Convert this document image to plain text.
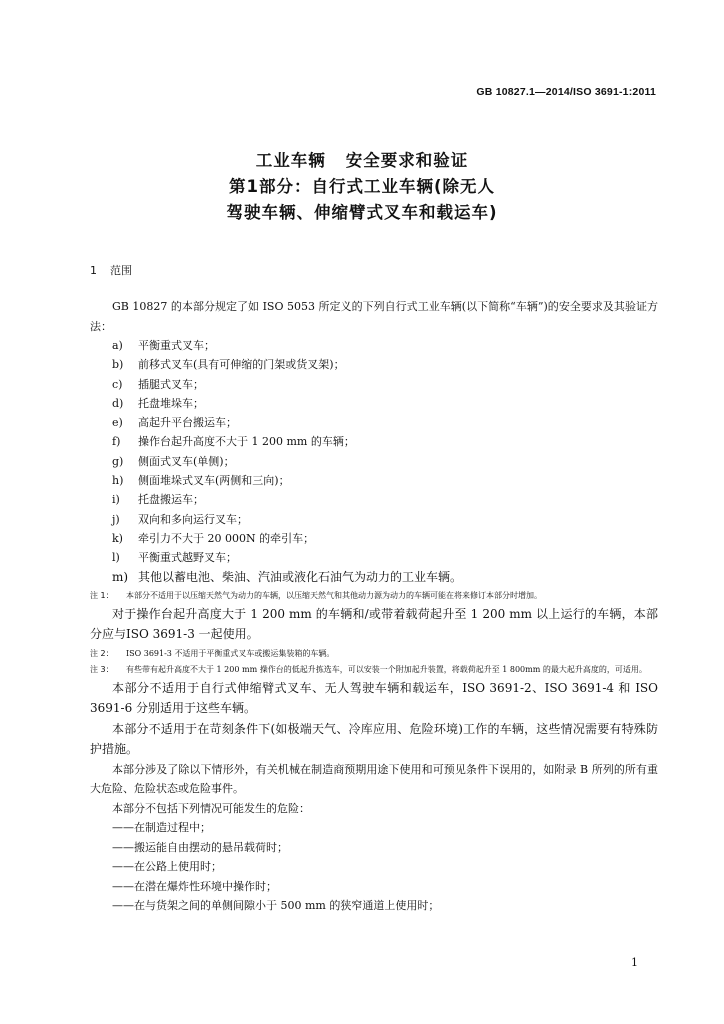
GB 10827.1—2014/ISO 3691-1:2011
工业车辆 安全要求和验证
第1部分：自行式工业车辆(除无人
驾驶车辆、伸缩臂式叉车和载运车)
1 范围

GB 10827 的本部分规定了如 ISO 5053 所定义的下列自行式工业车辆(以下简称“车辆”)的安全要求及其验证方法：

a)	平衡重式叉车；
b)	前移式叉车(具有可伸缩的门架或货叉架)；
c)	插腿式叉车；
d)	托盘堆垛车；
e)	高起升平台搬运车；
f)	操作台起升高度不大于 1 200 mm 的车辆；
g)	侧面式叉车(单侧)；
h)	侧面堆垛式叉车(两侧和三向)；
i)	托盘搬运车；
j)	双向和多向运行叉车；
k)	牵引力不大于 20 000N 的牵引车；
l)	平衡重式越野叉车；
m) 其他以蓄电池、柴油、汽油或液化石油气为动力的工业车辆。
注 1：	本部分不适用于以压缩天然气为动力的车辆，以压缩天然气和其他动力源为动力的车辆可能在将来修订本部分时增加。

对于操作台起升高度大于 1 200 mm 的车辆和/或带着载荷起升至 1 200 mm 以上运行的车辆，本部分应与ISO 3691-3 一起使用。

注 2：	ISO 3691-3 不适用于平衡重式叉车或搬运集装箱的车辆。
注 3：	有些带有起升高度不大于 1 200 mm 操作台的低起升拣选车，可以安装一个附加起升装置，将载荷起升至 1 800mm 的最大起升高度的，可适用。

本部分不适用于自行式伸缩臂式叉车、无人驾驶车辆和载运车，ISO 3691-2、ISO 3691-4 和 ISO 3691-6 分别适用于这些车辆。

本部分不适用于在苛刻条件下(如极端天气、冷库应用、危险环境)工作的车辆，这些情况需要有特殊防护措施。

本部分涉及了除以下情形外，有关机械在制造商预期用途下使用和可预见条件下误用的，如附录 B 所列的所有重大危险、危险状态或危险事件。

本部分不包括下列情况可能发生的危险：

——在制造过程中；
——搬运能自由摆动的悬吊载荷时；
——在公路上使用时；
——在潜在爆炸性环境中操作时；
——在与货架之间的单侧间隙小于 500 mm 的狭窄通道上使用时；
1
